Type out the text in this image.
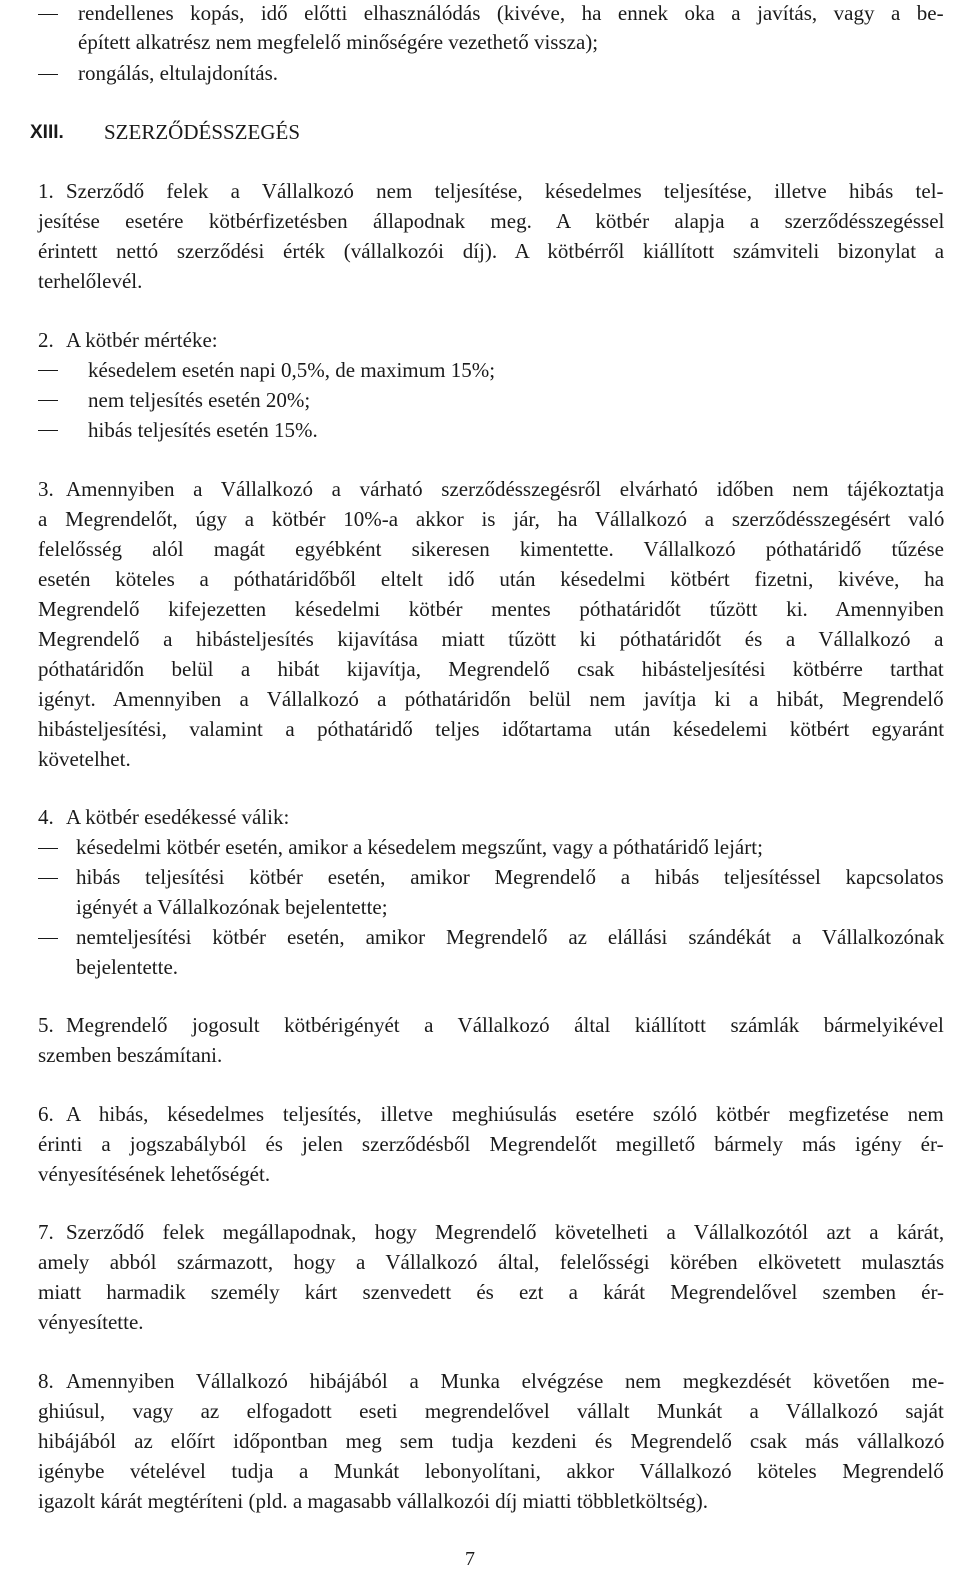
rendellenes kopás, idő előtti elhasználódás (kivéve, ha ennek oka a javítás, vagy a be-
épített alkatrész nem megfelelő minőségére vezethető vissza);
rongálás, eltulajdonítás.
XIII. SZERZŐDÉSSZEGÉS
1. Szerződő felek a Vállalkozó nem teljesítése, késedelmes teljesítése, illetve hibás tel-
jesítése esetére kötbérfizetésben állapodnak meg. A kötbér alapja a szerződésszegéssel
érintett nettó szerződési érték (vállalkozói díj). A kötbérről kiállított számviteli bizonylat a
terhelőlevél.
2. A kötbér mértéke:
késedelem esetén napi 0,5%, de maximum 15%;
nem teljesítés esetén 20%;
hibás teljesítés esetén 15%.
3. Amennyiben a Vállalkozó a várható szerződésszegésről elvárható időben nem tájékoztatja
a Megrendelőt, úgy a kötbér 10%-a akkor is jár, ha Vállalkozó a szerződésszegésért való
felelősség alól magát egyébként sikeresen kimentette. Vállalkozó póthatáridő tűzése
esetén köteles a póthatáridőből eltelt idő után késedelmi kötbért fizetni, kivéve, ha
Megrendelő kifejezetten késedelmi kötbér mentes póthatáridőt tűzött ki. Amennyiben
Megrendelő a hibásteljesítés kijavítása miatt tűzött ki póthatáridőt és a Vállalkozó a
póthatáridőn belül a hibát kijavítja, Megrendelő csak hibásteljesítési kötbérre tarthat
igényt. Amennyiben a Vállalkozó a póthatáridőn belül nem javítja ki a hibát, Megrendelő
hibásteljesítési, valamint a póthatáridő teljes időtartama után késedelemi kötbért egyaránt
követelhet.
4. A kötbér esedékessé válik:
késedelmi kötbér esetén, amikor a késedelem megszűnt, vagy a póthatáridő lejárt;
hibás teljesítési kötbér esetén, amikor Megrendelő a hibás teljesítéssel kapcsolatos
igényét a Vállalkozónak bejelentette;
nemteljesítési kötbér esetén, amikor Megrendelő az elállási szándékát a Vállalkozónak
bejelentette.
5. Megrendelő jogosult kötbérigényét a Vállalkozó által kiállított számlák bármelyikével
szemben beszámítani.
6. A hibás, késedelmes teljesítés, illetve meghiúsulás esetére szóló kötbér megfizetése nem
érinti a jogszabályból és jelen szerződésből Megrendelőt megillető bármely más igény ér-
vényesítésének lehetőségét.
7. Szerződő felek megállapodnak, hogy Megrendelő követelheti a Vállalkozótól azt a kárát,
amely abból származott, hogy a Vállalkozó által, felelősségi körében elkövetett mulasztás
miatt harmadik személy kárt szenvedett és ezt a kárát Megrendelővel szemben ér-
vényesítette.
8. Amennyiben Vállalkozó hibájából a Munka elvégzése nem megkezdését követően me-
ghiúsul, vagy az elfogadott eseti megrendelővel vállalt Munkát a Vállalkozó saját
hibájából az előírt időpontban meg sem tudja kezdeni és Megrendelő csak más vállalkozó
igénybe vételével tudja a Munkát lebonyolítani, akkor Vállalkozó köteles Megrendelő
igazolt kárát megtéríteni (pld. a magasabb vállalkozói díj miatti többletköltség).
7
